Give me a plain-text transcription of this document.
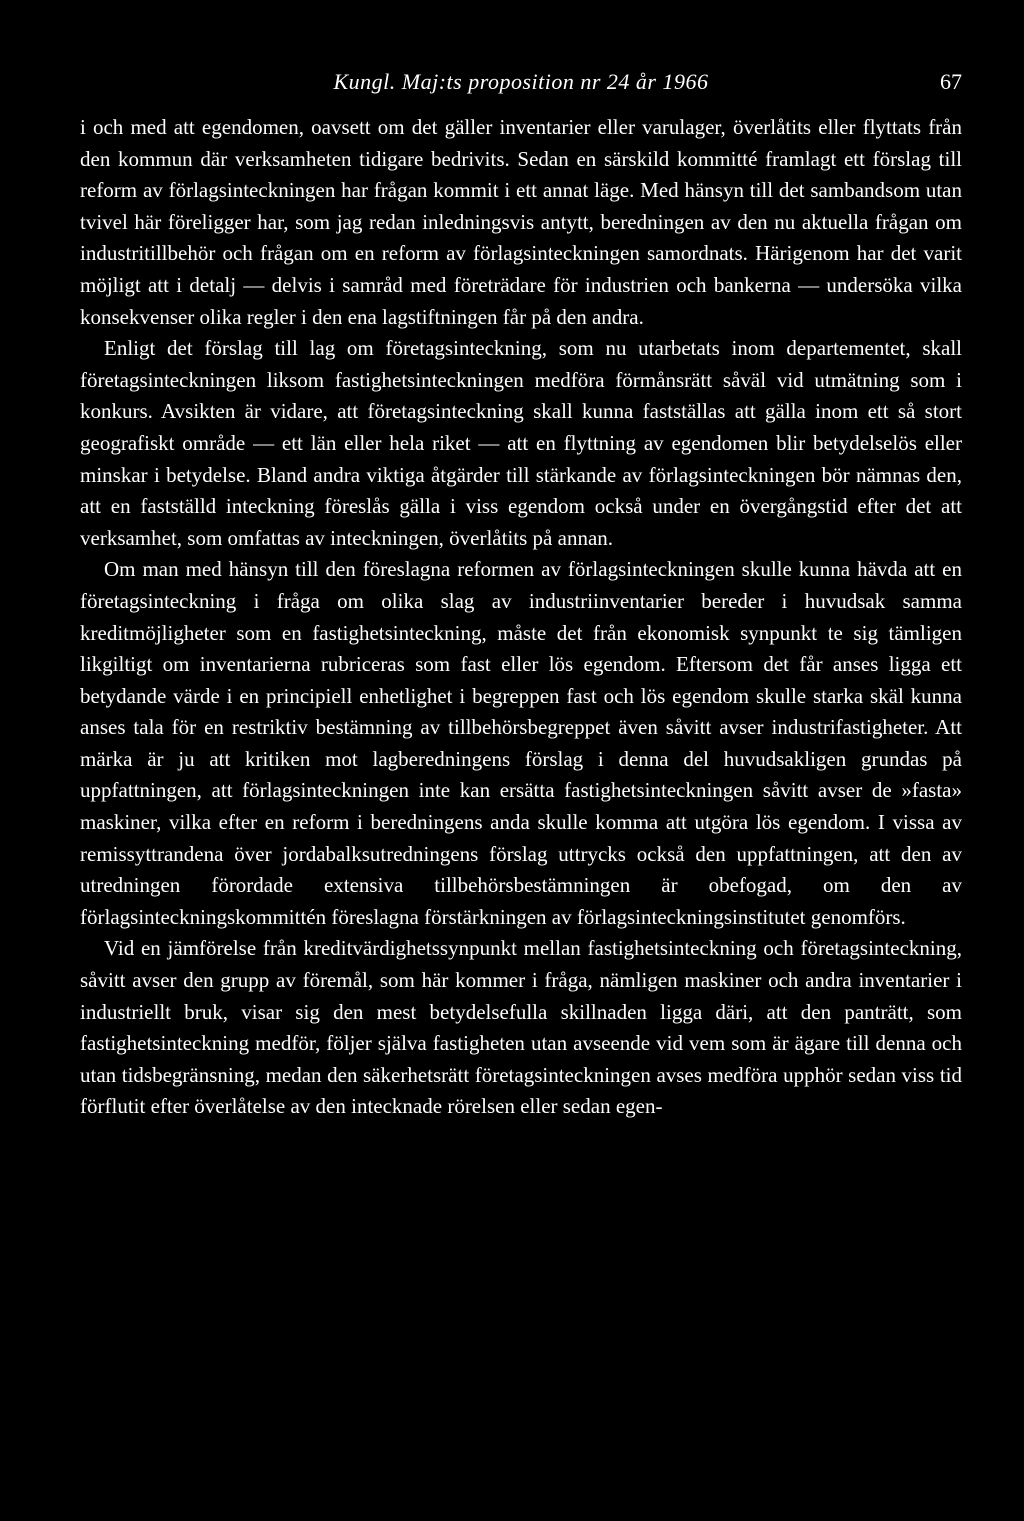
Kungl. Maj:ts proposition nr 24 år 1966	67

i och med att egendomen, oavsett om det gäller inventarier eller varulager, överlåtits eller flyttats från den kommun där verksamheten tidigare bedrivits. Sedan en särskild kommitté framlagt ett förslag till reform av förlagsinteckningen har frågan kommit i ett annat läge. Med hänsyn till det sambandsom utan tvivel här föreligger har, som jag redan inledningsvis antytt, beredningen av den nu aktuella frågan om industritillbehör och frågan om en reform av förlagsinteckningen samordnats. Härigenom har det varit möjligt att i detalj — delvis i samråd med företrädare för industrien och bankerna — undersöka vilka konsekvenser olika regler i den ena lagstiftningen får på den andra.

Enligt det förslag till lag om företagsinteckning, som nu utarbetats inom departementet, skall företagsinteckningen liksom fastighetsinteckningen medföra förmånsrätt såväl vid utmätning som i konkurs. Avsikten är vidare, att företagsinteckning skall kunna fastställas att gälla inom ett så stort geografiskt område — ett län eller hela riket — att en flyttning av egendomen blir betydelselös eller minskar i betydelse. Bland andra viktiga åtgärder till stärkande av förlagsinteckningen bör nämnas den, att en fastställd inteckning föreslås gälla i viss egendom också under en övergångstid efter det att verksamhet, som omfattas av inteckningen, överlåtits på annan.

Om man med hänsyn till den föreslagna reformen av förlagsinteckningen skulle kunna hävda att en företagsinteckning i fråga om olika slag av industriinventarier bereder i huvudsak samma kreditmöjligheter som en fastighetsinteckning, måste det från ekonomisk synpunkt te sig tämligen likgiltigt om inventarierna rubriceras som fast eller lös egendom. Eftersom det får anses ligga ett betydande värde i en principiell enhetlighet i begreppen fast och lös egendom skulle starka skäl kunna anses tala för en restriktiv bestämning av tillbehörsbegreppet även såvitt avser industrifastigheter. Att märka är ju att kritiken mot lagberedningens förslag i denna del huvudsakligen grundas på uppfattningen, att förlagsinteckningen inte kan ersätta fastighetsinteckningen såvitt avser de »fasta» maskiner, vilka efter en reform i beredningens anda skulle komma att utgöra lös egendom. I vissa av remissyttrandena över jordabalksutredningens förslag uttrycks också den uppfattningen, att den av utredningen förordade extensiva tillbehörsbestämningen är obefogad, om den av förlagsinteckningskommittén föreslagna förstärkningen av förlagsinteckningsinstitutet genomförs.

Vid en jämförelse från kreditvärdighetssynpunkt mellan fastighetsinteckning och företagsinteckning, såvitt avser den grupp av föremål, som här kommer i fråga, nämligen maskiner och andra inventarier i industriellt bruk, visar sig den mest betydelsefulla skillnaden ligga däri, att den panträtt, som fastighetsinteckning medför, följer själva fastigheten utan avseende vid vem som är ägare till denna och utan tidsbegränsning, medan den säkerhetsrätt företagsinteckningen avses medföra upphör sedan viss tid förflutit efter överlåtelse av den intecknade rörelsen eller sedan egen-
